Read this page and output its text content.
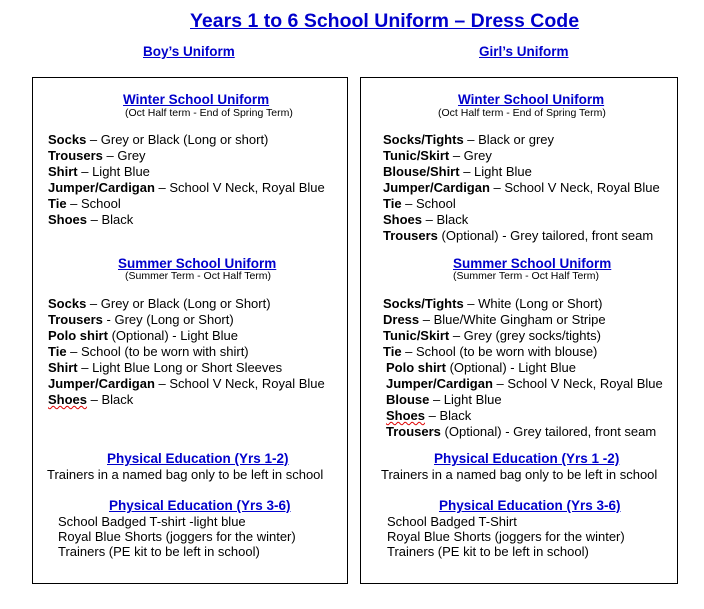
Years 1 to 6 School Uniform – Dress Code
Boy’s Uniform	Girl’s Uniform
Winter School Uniform
(Oct Half term - End of Spring Term)
Socks – Grey or Black (Long or short)
Trousers – Grey
Shirt – Light Blue
Jumper/Cardigan – School V Neck, Royal Blue
Tie – School
Shoes – Black
Summer School Uniform
(Summer Term - Oct Half Term)
Socks – Grey or Black (Long or Short)
Trousers - Grey (Long or Short)
Polo shirt (Optional) - Light Blue
Tie – School (to be worn with shirt)
Shirt – Light Blue Long or Short Sleeves
Jumper/Cardigan – School V Neck, Royal Blue
Shoes – Black
Physical Education (Yrs 1-2)
Trainers in a named bag only to be left in school
Physical Education (Yrs 3-6)
School Badged T-shirt -light blue
Royal Blue Shorts (joggers for the winter)
Trainers (PE kit to be left in school)
Winter School Uniform
(Oct Half term - End of Spring Term)
Socks/Tights – Black or grey
Tunic/Skirt – Grey
Blouse/Shirt – Light Blue
Jumper/Cardigan – School V Neck, Royal Blue
Tie – School
Shoes – Black
Trousers (Optional) - Grey tailored, front seam
Summer School Uniform
(Summer Term - Oct Half Term)
Socks/Tights – White (Long or Short)
Dress – Blue/White Gingham or Stripe
Tunic/Skirt – Grey (grey socks/tights)
Tie – School (to be worn with blouse)
Polo shirt (Optional) - Light Blue
Jumper/Cardigan – School V Neck, Royal Blue
Blouse – Light Blue
Shoes – Black
Trousers (Optional) - Grey tailored, front seam
Physical Education (Yrs 1 -2)
Trainers in a named bag only to be left in school
Physical Education (Yrs 3-6)
School Badged T-Shirt
Royal Blue Shorts (joggers for the winter)
Trainers (PE kit to be left in school)
